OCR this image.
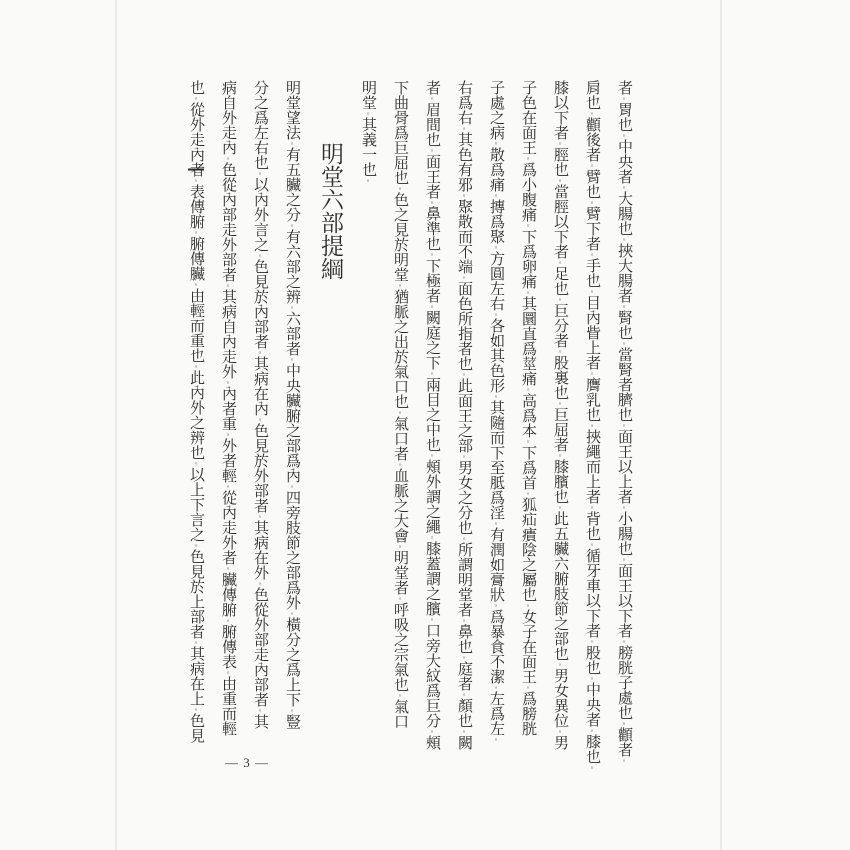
者。胃也。中央者。大腸也。挾大腸者。腎也。當腎者臍也。面王以上者。小腸也。面王以下者。膀胱子處也。顴者。
肩也。顴後者。臂也。臂下者。手也。目內眥上者。膺乳也。挾繩而上者。背也。循牙車以下者。股也。中央者。膝也。
膝以下者。脛也。當脛以下者。足也。巨分者。股裏也。巨屈者。膝臏也。此五臟六腑肢節之部也。男女異位。男
子色在面王。爲小腹痛。下爲卵痛。其圜直爲莖痛。高爲本。下爲首。狐疝㿉陰之屬也。女子在面王。爲膀胱
子處之病。散爲痛。摶爲聚。方圓左右。各如其色形。其隨而下至胝爲淫。有潤如膏狀。爲暴食不潔。左爲左。
右爲右。其色有邪。聚散而不端。面色所指者也。此面王之部。男女之分也。所謂明堂者。鼻也。庭者。顏也。闕
者。眉間也。面王者。鼻準也。下極者。闕庭之下。兩目之中也。頰外謂之繩。膝蓋謂之臏。口旁大紋爲巨分。頰
下曲骨爲巨屈也。色之見於明堂。猶脈之出於氣口也。氣口者。血脈之大會。明堂者。呼吸之宗氣也。氣口
明堂。其義一也。
明堂六部提綱
明堂望法。有五臟之分。有六部之辨。六部者。中央臟腑之部爲內。四旁肢節之部爲外。橫分之爲上下。豎
分之爲左右也。以內外言之。色見於內部者。其病在內。色見於外部者。其病在外。色從外部走內部者。其
病自外走內。色從內部走外部者。其病自內走外。內者重。外者輕。從內走外者。臟傳腑。腑傳表。由重而輕
也。從外走內者。表傳腑。腑傳臟。由輕而重也。此內外之辨也。以上下言之。色見於上部者。其病在上。色見
— 3 —
